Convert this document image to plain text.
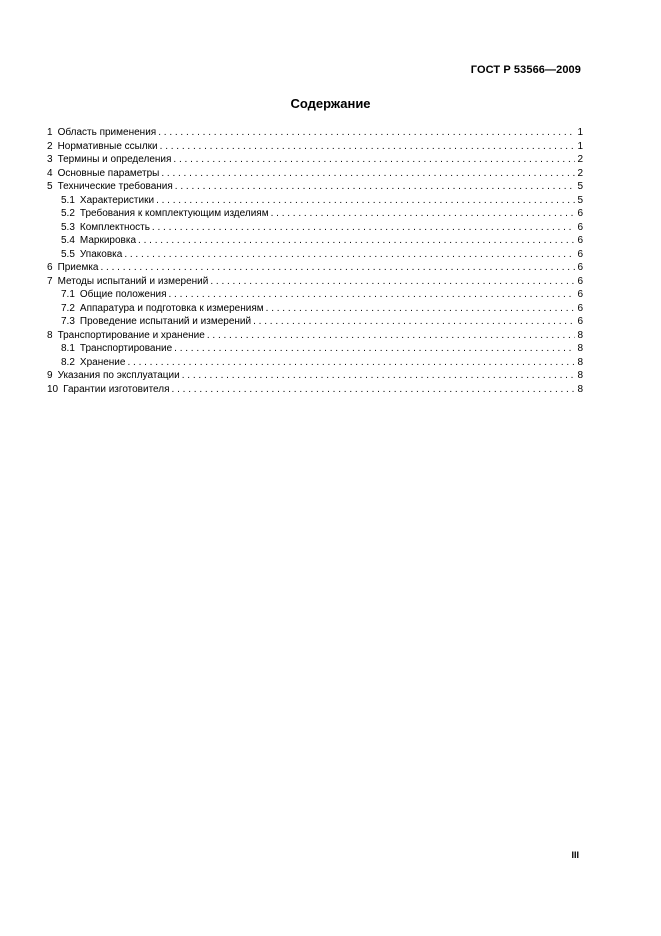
ГОСТ Р 53566—2009
Содержание
1 Область применения . . .	1
2 Нормативные ссылки . . .	1
3 Термины и определения . . .	2
4 Основные параметры . . .	2
5 Технические требования . . .	5
5.1 Характеристики . . .	5
5.2 Требования к комплектующим изделиям . . .	6
5.3 Комплектность . . .	6
5.4 Маркировка . . .	6
5.5 Упаковка . . .	6
6 Приемка . . .	6
7 Методы испытаний и измерений . . .	6
7.1 Общие положения . . .	6
7.2 Аппаратура и подготовка к измерениям . . .	6
7.3 Проведение испытаний и измерений . . .	6
8 Транспортирование и хранение . . .	8
8.1 Транспортирование . . .	8
8.2 Хранение . . .	8
9 Указания по эксплуатации . . .	8
10 Гарантии изготовителя . . .	8
III
